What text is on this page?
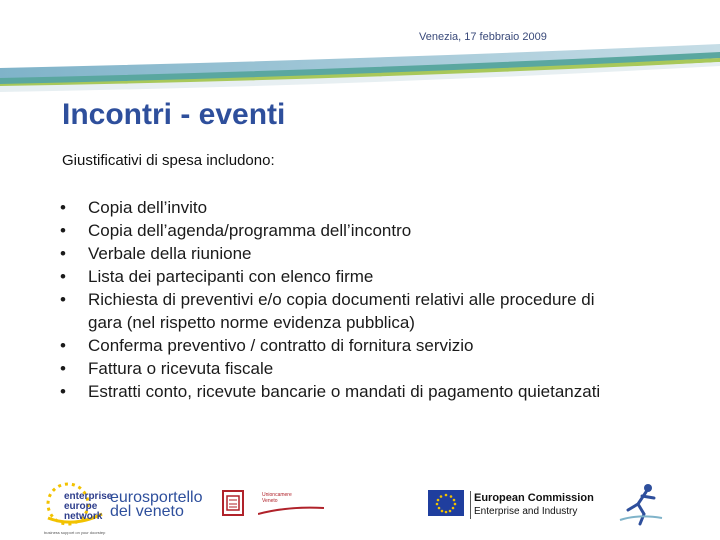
Venezia, 17 febbraio 2009
Incontri - eventi
Giustificativi di spesa includono:
• Copia dell’invito
• Copia dell’agenda/programma dell’incontro
• Verbale della riunione
• Lista dei partecipanti con elenco firme
• Richiesta di preventivi e/o copia documenti relativi alle procedure di gara (nel rispetto norme evidenza pubblica)
• Conferma preventivo / contratto di fornitura servizio
• Fattura o ricevuta fiscale
• Estratti conto, ricevute bancarie o mandati di pagamento quietanzati
enterprise
europe
network
business support on your doorstep
eurosportello
del veneto
Unioncamere Veneto	European Commission
Enterprise and Industry
